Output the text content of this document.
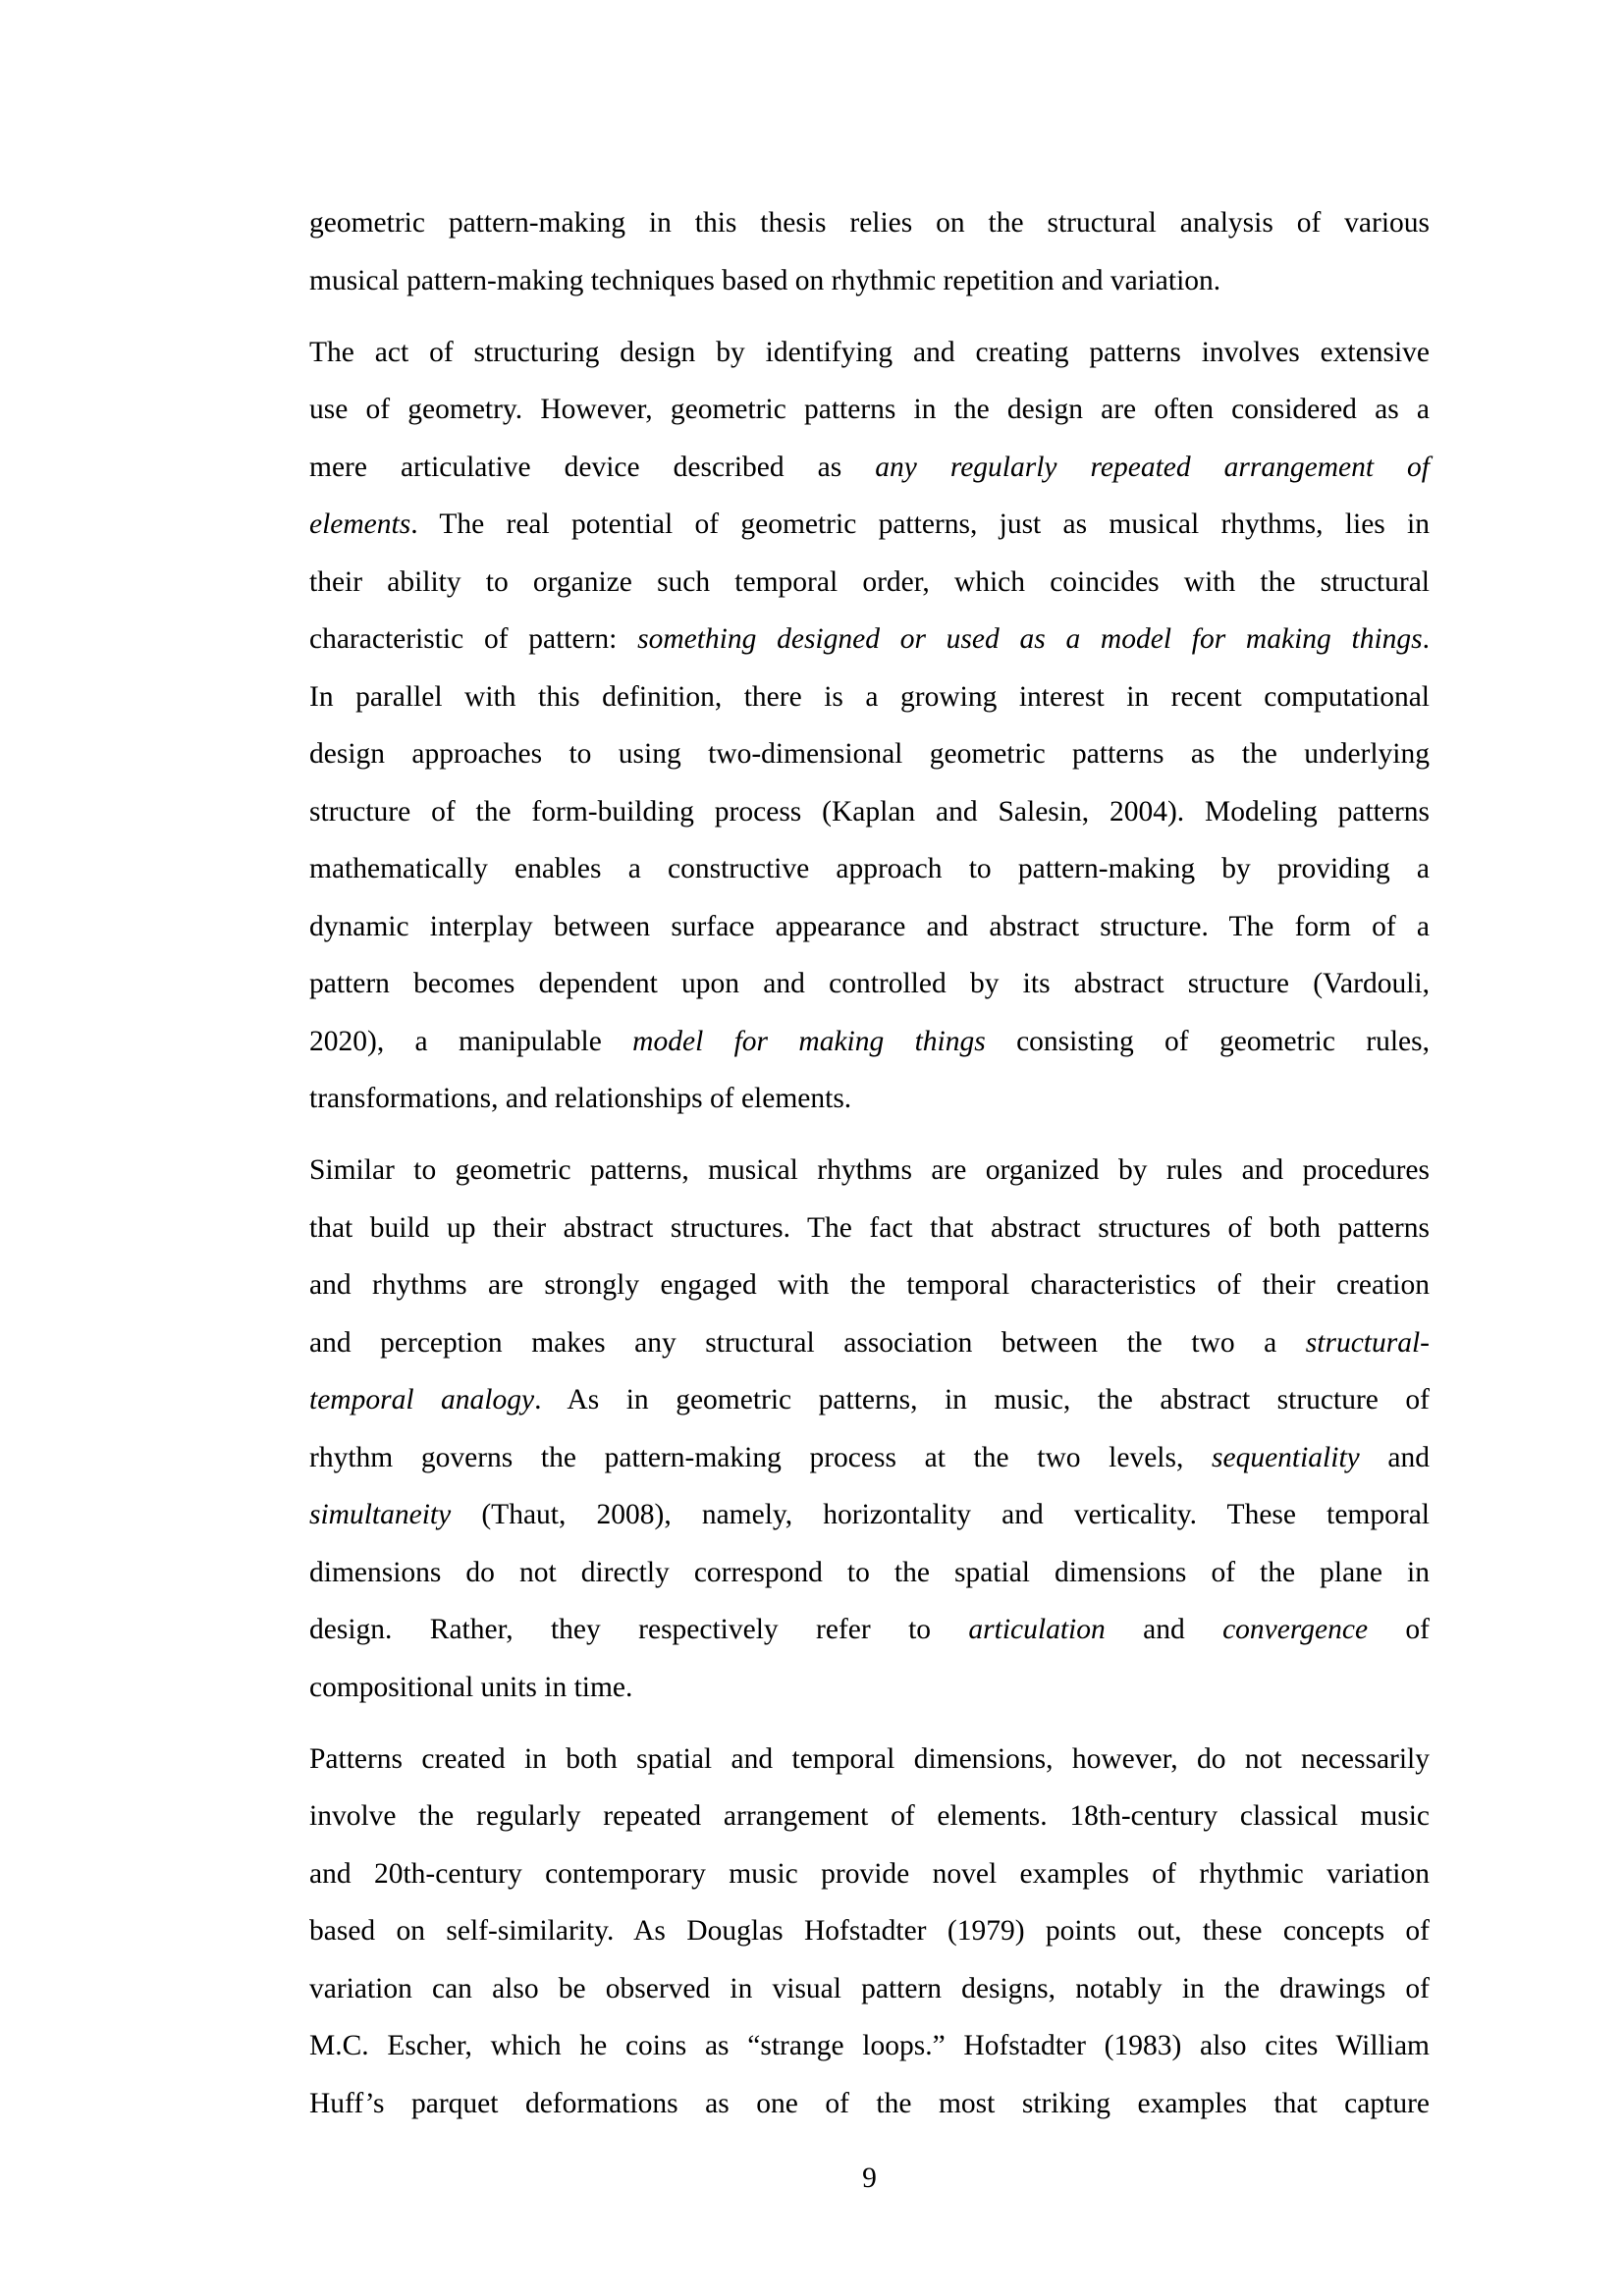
geometric pattern-making in this thesis relies on the structural analysis of various
musical pattern-making techniques based on rhythmic repetition and variation.
The act of structuring design by identifying and creating patterns involves extensive
use of geometry. However, geometric patterns in the design are often considered as a
mere articulative device described as any regularly repeated arrangement of
elements. The real potential of geometric patterns, just as musical rhythms, lies in
their ability to organize such temporal order, which coincides with the structural
characteristic of pattern: something designed or used as a model for making things.
In parallel with this definition, there is a growing interest in recent computational
design approaches to using two-dimensional geometric patterns as the underlying
structure of the form-building process (Kaplan and Salesin, 2004). Modeling patterns
mathematically enables a constructive approach to pattern-making by providing a
dynamic interplay between surface appearance and abstract structure. The form of a
pattern becomes dependent upon and controlled by its abstract structure (Vardouli,
2020), a manipulable model for making things consisting of geometric rules,
transformations, and relationships of elements.
Similar to geometric patterns, musical rhythms are organized by rules and procedures
that build up their abstract structures. The fact that abstract structures of both patterns
and rhythms are strongly engaged with the temporal characteristics of their creation
and perception makes any structural association between the two a structural-
temporal analogy. As in geometric patterns, in music, the abstract structure of
rhythm governs the pattern-making process at the two levels, sequentiality and
simultaneity (Thaut, 2008), namely, horizontality and verticality. These temporal
dimensions do not directly correspond to the spatial dimensions of the plane in
design. Rather, they respectively refer to articulation and convergence of
compositional units in time.
Patterns created in both spatial and temporal dimensions, however, do not necessarily
involve the regularly repeated arrangement of elements. 18th-century classical music
and 20th-century contemporary music provide novel examples of rhythmic variation
based on self-similarity. As Douglas Hofstadter (1979) points out, these concepts of
variation can also be observed in visual pattern designs, notably in the drawings of
M.C. Escher, which he coins as “strange loops.” Hofstadter (1983) also cites William
Huff’s parquet deformations as one of the most striking examples that capture
9
